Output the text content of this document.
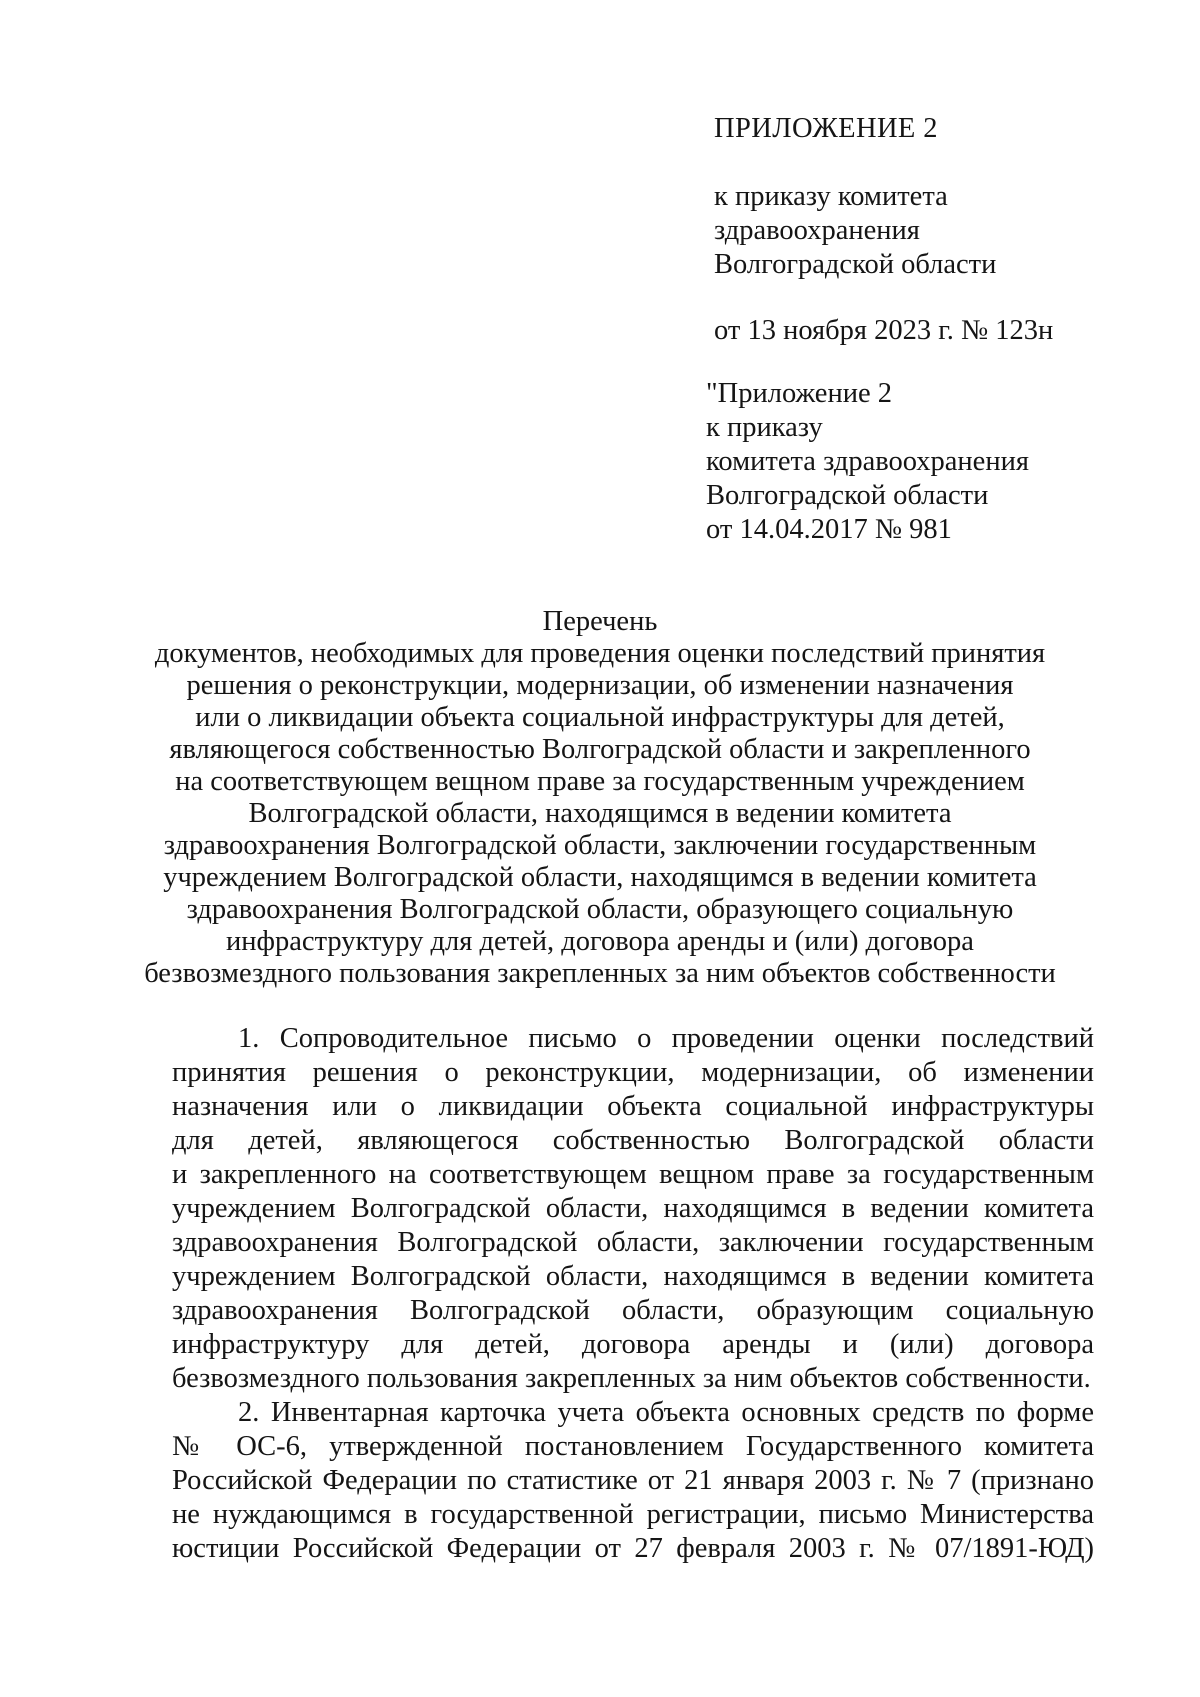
ПРИЛОЖЕНИЕ 2
к приказу комитета
здравоохранения
Волгоградской области
от 13 ноября 2023 г. № 123н
"Приложение 2
к приказу
комитета здравоохранения
Волгоградской области
от 14.04.2017 № 981
Перечень
документов, необходимых для проведения оценки последствий принятия
решения о реконструкции, модернизации, об изменении назначения
или о ликвидации объекта социальной инфраструктуры для детей,
являющегося собственностью Волгоградской области и закрепленного
на соответствующем вещном праве за государственным учреждением
Волгоградской области, находящимся в ведении комитета
здравоохранения Волгоградской области, заключении государственным
учреждением Волгоградской области, находящимся в ведении комитета
здравоохранения Волгоградской области, образующего социальную
инфраструктуру для детей, договора аренды и (или) договора
безвозмездного пользования закрепленных за ним объектов собственности
1. Сопроводительное письмо о проведении оценки последствий
принятия решения о реконструкции, модернизации, об изменении
назначения или о ликвидации объекта социальной инфраструктуры
для детей, являющегося собственностью Волгоградской области
и закрепленного на соответствующем вещном праве за государственным
учреждением Волгоградской области, находящимся в ведении комитета
здравоохранения Волгоградской области, заключении государственным
учреждением Волгоградской области, находящимся в ведении комитета
здравоохранения Волгоградской области, образующим социальную
инфраструктуру для детей, договора аренды и (или) договора
безвозмездного пользования закрепленных за ним объектов собственности.
2. Инвентарная карточка учета объекта основных средств по форме
№ ОС-6, утвержденной постановлением Государственного комитета
Российской Федерации по статистике от 21 января 2003 г. № 7 (признано
не нуждающимся в государственной регистрации, письмо Министерства
юстиции Российской Федерации от 27 февраля 2003 г. № 07/1891-ЮД)
